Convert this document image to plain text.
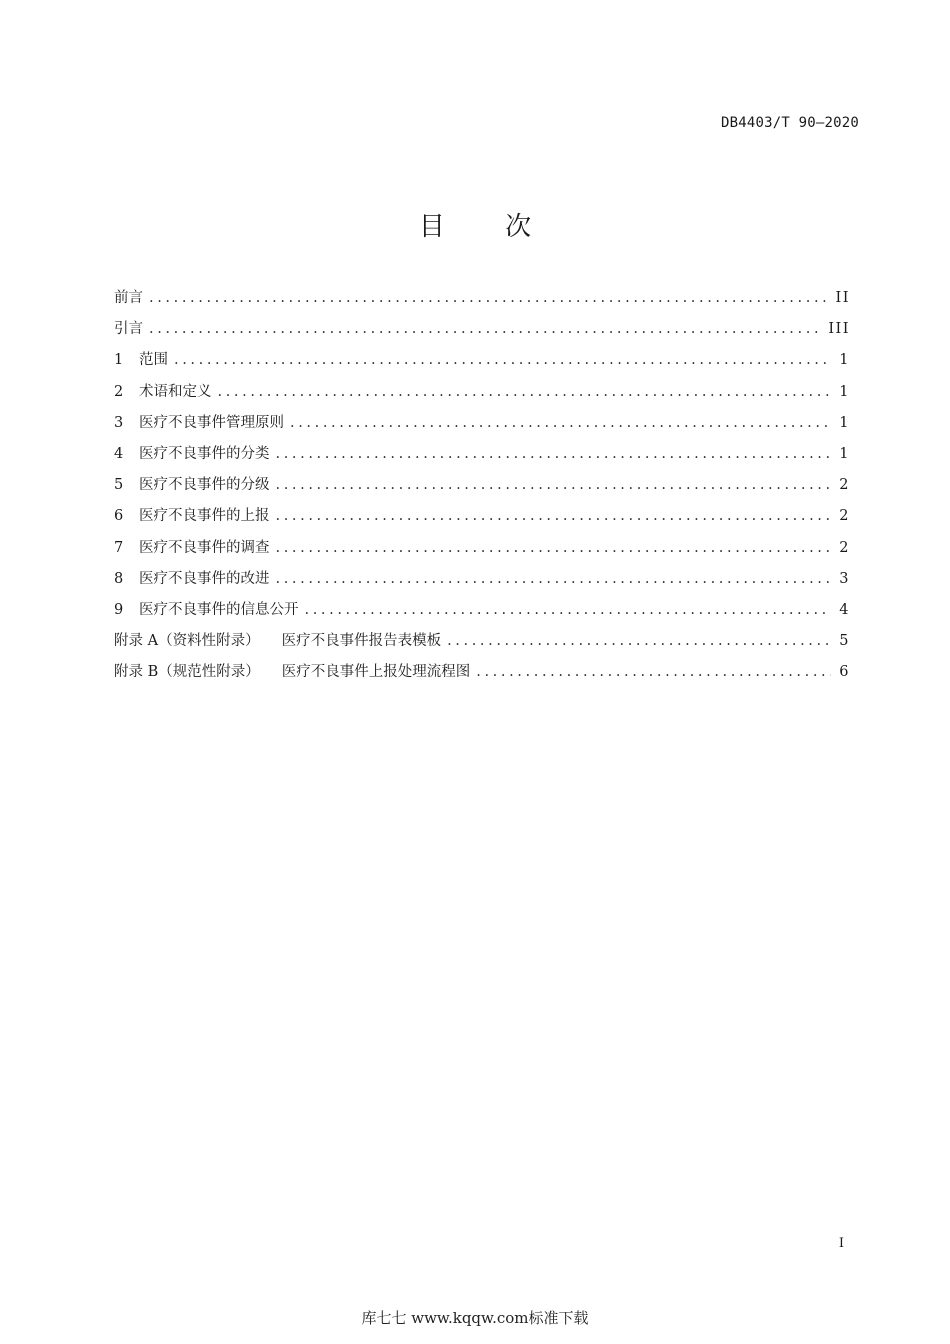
DB4403/T 90—2020
目 次
前言 .....	II
引言 .....	III
1	范围 .....	1
2	术语和定义 .....	1
3	医疗不良事件管理原则 .....	1
4	医疗不良事件的分类 .....	1
5	医疗不良事件的分级 .....	2
6	医疗不良事件的上报 .....	2
7	医疗不良事件的调查 .....	2
8	医疗不良事件的改进 .....	3
9	医疗不良事件的信息公开 .....	4
附录 A（资料性附录） 医疗不良事件报告表模板 .....	5
附录 B（规范性附录） 医疗不良事件上报处理流程图 .....	6
I
库七七 www.kqqw.com标准下载
